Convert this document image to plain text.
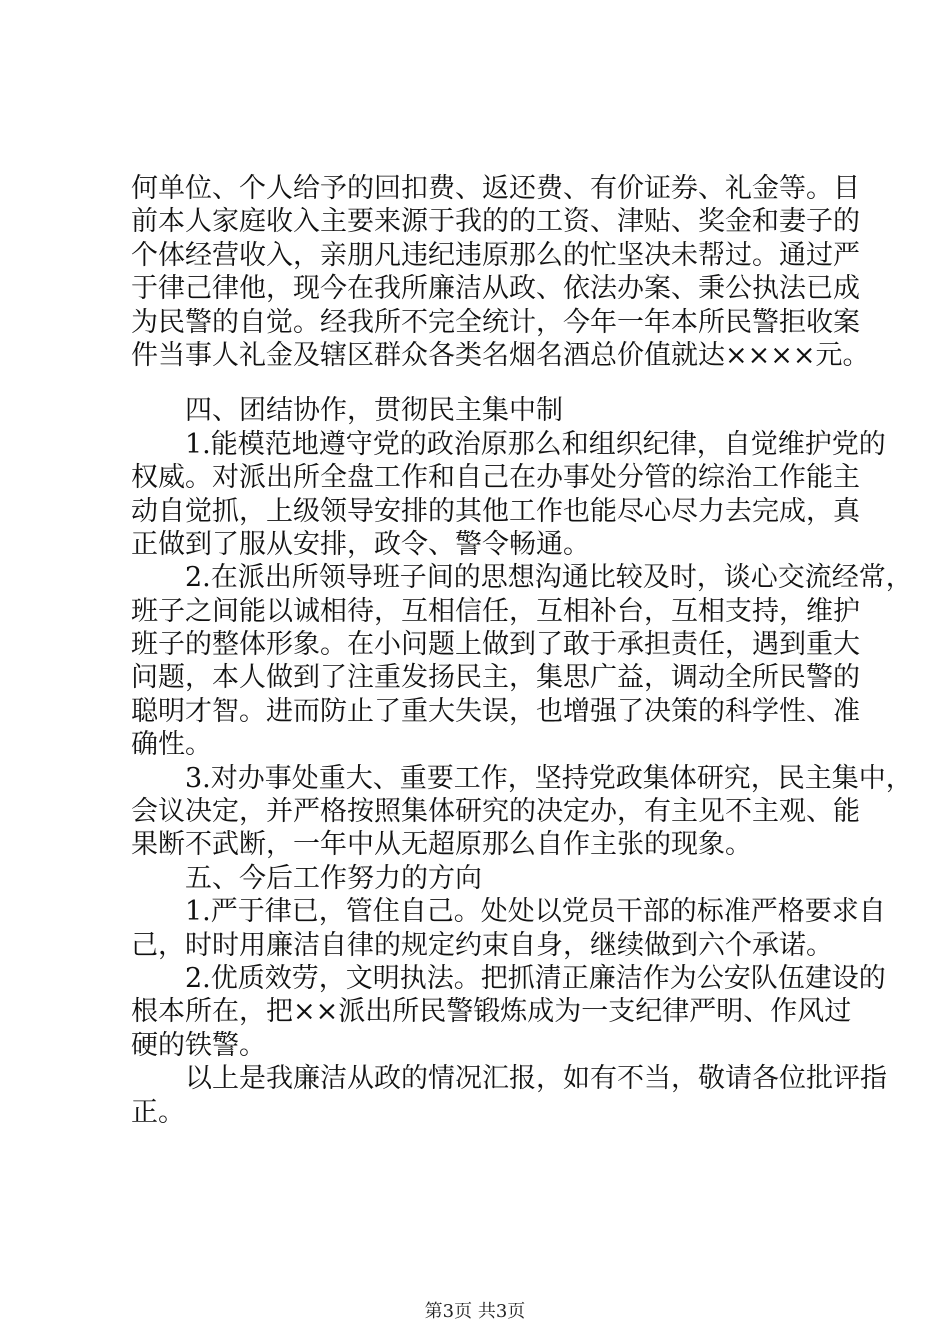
何单位、个人给予的回扣费、返还费、有价证券、礼金等。目
前本人家庭收入主要来源于我的的工资、津贴、奖金和妻子的
个体经营收入，亲朋凡违纪违原那么的忙坚决未帮过。通过严
于律己律他，现今在我所廉洁从政、依法办案、秉公执法已成
为民警的自觉。经我所不完全统计，今年一年本所民警拒收案
件当事人礼金及辖区群众各类名烟名酒总价值就达××××元。
四、团结协作，贯彻民主集中制
1.能模范地遵守党的政治原那么和组织纪律，自觉维护党的
权威。对派出所全盘工作和自己在办事处分管的综治工作能主
动自觉抓，上级领导安排的其他工作也能尽心尽力去完成，真
正做到了服从安排，政令、警令畅通。
2.在派出所领导班子间的思想沟通比较及时，谈心交流经常，
班子之间能以诚相待，互相信任，互相补台，互相支持，维护
班子的整体形象。在小问题上做到了敢于承担责任，遇到重大
问题，本人做到了注重发扬民主，集思广益，调动全所民警的
聪明才智。进而防止了重大失误，也增强了决策的科学性、准
确性。
3.对办事处重大、重要工作，坚持党政集体研究，民主集中，
会议决定，并严格按照集体研究的决定办，有主见不主观、能
果断不武断，一年中从无超原那么自作主张的现象。
五、今后工作努力的方向
1.严于律已，管住自己。处处以党员干部的标准严格要求自
己，时时用廉洁自律的规定约束自身，继续做到六个承诺。
2.优质效劳，文明执法。把抓清正廉洁作为公安队伍建设的
根本所在，把××派出所民警锻炼成为一支纪律严明、作风过
硬的铁警。
以上是我廉洁从政的情况汇报，如有不当，敬请各位批评指
正。
第3页 共3页
